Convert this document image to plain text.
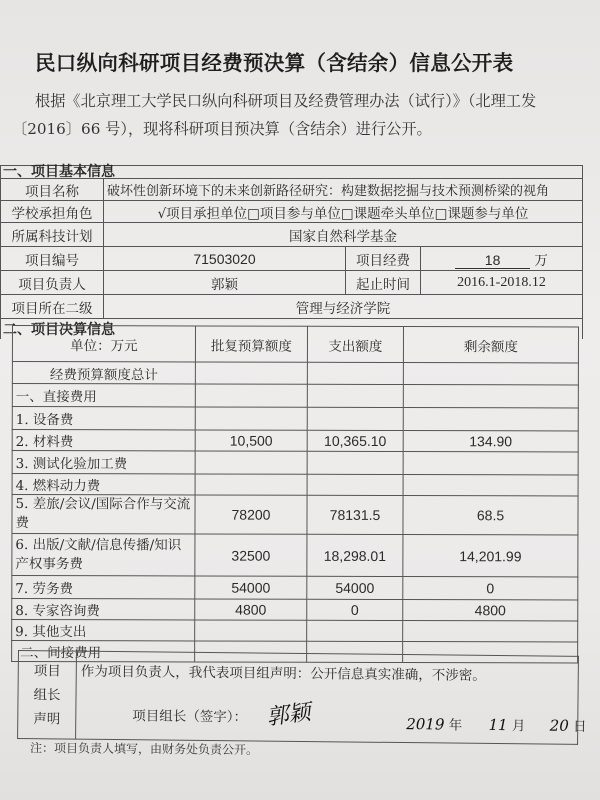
民口纵向科研项目经费预决算（含结余）信息公开表
根据《北京理工大学民口纵向科研项目及经费管理办法（试行）》（北理工发
〔2016〕66 号），现将科研项目预决算（含结余）进行公开。
一、项目基本信息			
项目名称	破坏性创新环境下的未来创新路径研究：构建数据挖掘与技术预测桥梁的视角		
学校承担角色	√项目承担单位□项目参与单位□课题牵头单位□课题参与单位		
所属科技计划	国家自然科学基金		
项目编号	71503020	项目经费	18 万
项目负责人	郭颖	起止时间	2016.1-2018.12
项目所在二级	管理与经济学院		
二、项目决算信息			
单位：万元	批复预算额度	支出额度	剩余额度
经费预算额度总计			
一、直接费用			
1. 设备费			
2. 材料费	10,500	10,365.10	134.90
3. 测试化验加工费			
4. 燃料动力费			
5. 差旅/会议/国际合作与交流费	78200	78131.5	68.5
6. 出版/文献/信息传播/知识产权事务费	32500	18,298.01	14,201.99
7. 劳务费	54000	54000	0
8. 专家咨询费	4800	0	4800
9. 其他支出			
二、间接费用			
项目组长声明	
作为项目负责人，我代表项目组声明：公开信息真实准确，不涉密。
项目组长（签字）： 郭颖	2019 年 11 月 20 日
注：项目负责人填写，由财务处负责公开。
